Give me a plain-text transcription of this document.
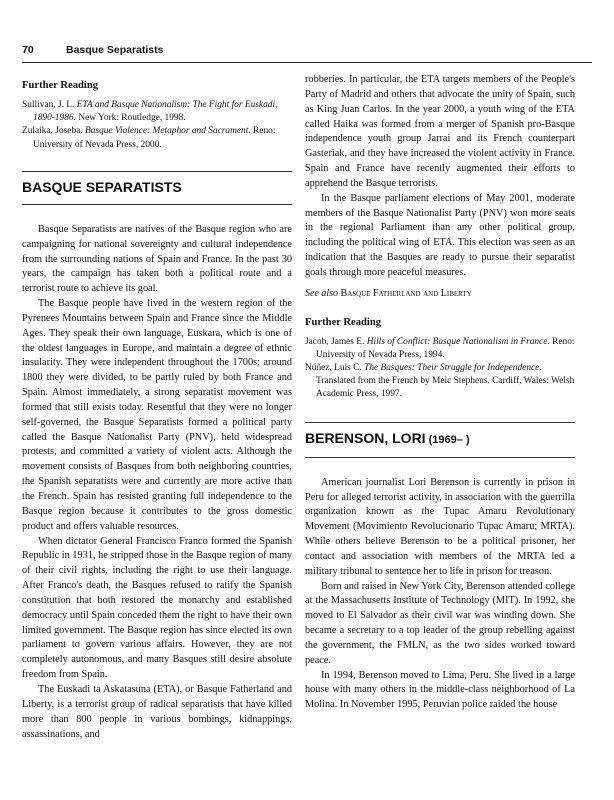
70	Basque Separatists
Further Reading

Sullivan, J. L. ETA and Basque Nationalism: The Fight for Euskadi, 1890-1986. New York: Routledge, 1998.

Zulaika, Joseba. Basque Violence: Metaphor and Sacrament. Reno: University of Nevada Press, 2000.

BASQUE SEPARATISTS

Basque Separatists are natives of the Basque region who are campaigning for national sovereignty and cultural independence from the surrounding nations of Spain and France. In the past 30 years, the campaign has taken both a political route and a terrorist route to achieve its goal.

The Basque people have lived in the western region of the Pyrenees Mountains between Spain and France since the Middle Ages. They speak their own language, Euskara, which is one of the oldest languages in Europe, and maintain a degree of ethnic insularity. They were independent throughout the 1700s; around 1800 they were divided, to be partly ruled by both France and Spain. Almost immediately, a strong separatist movement was formed that still exists today. Resentful that they were no longer self-governed, the Basque Separatists formed a political party called the Basque Nationalist Party (PNV), held widespread protests, and committed a variety of violent acts. Although the movement consists of Basques from both neighboring countries, the Spanish separatists were and currently are more active than the French. Spain has resisted granting full independence to the Basque region because it contributes to the gross domestic product and offers valuable resources.

When dictator General Francisco Franco formed the Spanish Republic in 1931, he stripped those in the Basque region of many of their civil rights, including the right to use their language. After Franco's death, the Basques refused to ratify the Spanish constitution that both restored the monarchy and established democracy until Spain conceded them the right to have their own limited government. The Basque region has since elected its own parliament to govern various affairs. However, they are not completely autonomous, and many Basques still desire absolute freedom from Spain.

The Euskadi ta Askatasuna (ETA), or Basque Fatherland and Liberty, is a terrorist group of radical separatists that have killed more than 800 people in various bombings, kidnappings, assassinations, and

robberies. In particular, the ETA targets members of the People's Party of Madrid and others that advocate the unity of Spain, such as King Juan Carlos. In the year 2000, a youth wing of the ETA called Haika was formed from a merger of Spanish pro-Basque independence youth group Jarrai and its French counterpart Gasteriak, and they have increased the violent activity in France. Spain and France have recently augmented their efforts to apprehend the Basque terrorists.

In the Basque parliament elections of May 2001, moderate members of the Basque Nationalist Party (PNV) won more seats in the regional Parliament than any other political group, including the political wing of ETA. This election was seen as an indication that the Basques are ready to pursue their separatist goals through more peaceful measures.

See also Basque Fatherland and Liberty

Further Reading

Jacob, James E. Hills of Conflict: Basque Nationalism in France. Reno: University of Nevada Press, 1994.

Núñez, Luis C. The Basques: Their Struggle for Independence. Translated from the French by Meic Stephens. Cardiff, Wales: Welsh Academic Press, 1997.

BERENSON, LORI (1969– )

American journalist Lori Berenson is currently in prison in Peru for alleged terrorist activity, in association with the guerrilla organization known as the Tupac Amaru Revolutionary Movement (Movimiento Revolucionario Tupac Amaru; MRTA). While others believe Berenson to be a political prisoner, her contact and association with members of the MRTA led a military tribunal to sentence her to life in prison for treason.

Born and raised in New York City, Berenson attended college at the Massachusetts Institute of Technology (MIT). In 1992, she moved to El Salvador as their civil war was winding down. She became a secretary to a top leader of the group rebelling against the government, the FMLN, as the two sides worked toward peace.

In 1994, Berenson moved to Lima, Peru. She lived in a large house with many others in the middle-class neighborhood of La Molina. In November 1995, Peruvian police raided the house
